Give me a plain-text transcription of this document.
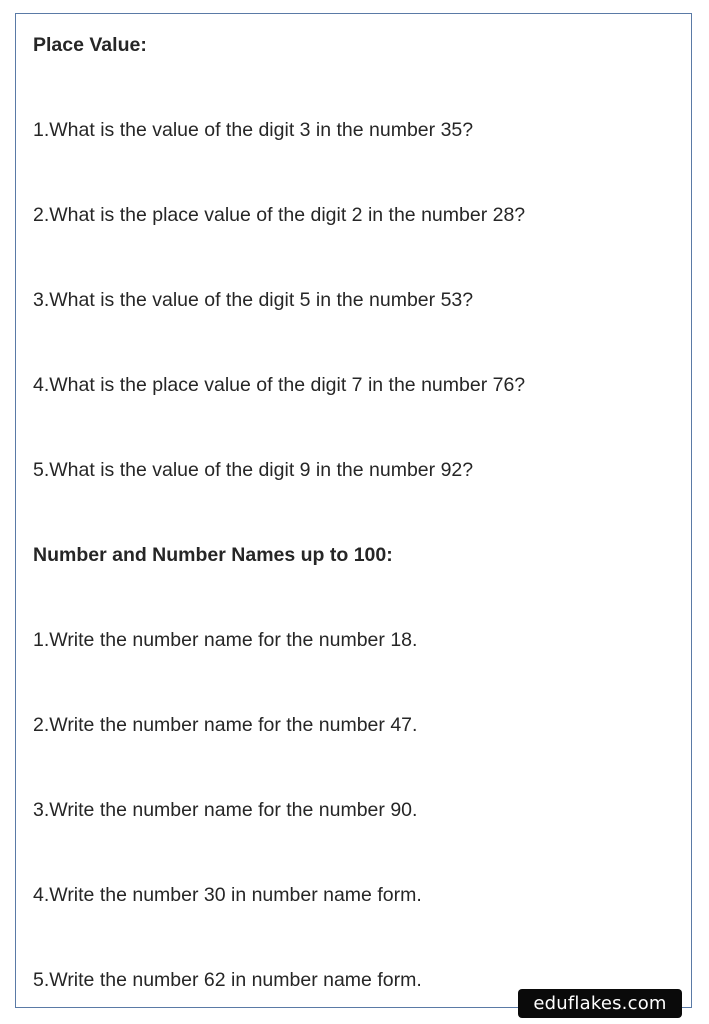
Place Value:

1.What is the value of the digit 3 in the number 35?

2.What is the place value of the digit 2 in the number 28?

3.What is the value of the digit 5 in the number 53?

4.What is the place value of the digit 7 in the number 76?

5.What is the value of the digit 9 in the number 92?

Number and Number Names up to 100:

1.Write the number name for the number 18.

2.Write the number name for the number 47.

3.Write the number name for the number 90.

4.Write the number 30 in number name form.

5.Write the number 62 in number name form.

eduflakes.com
